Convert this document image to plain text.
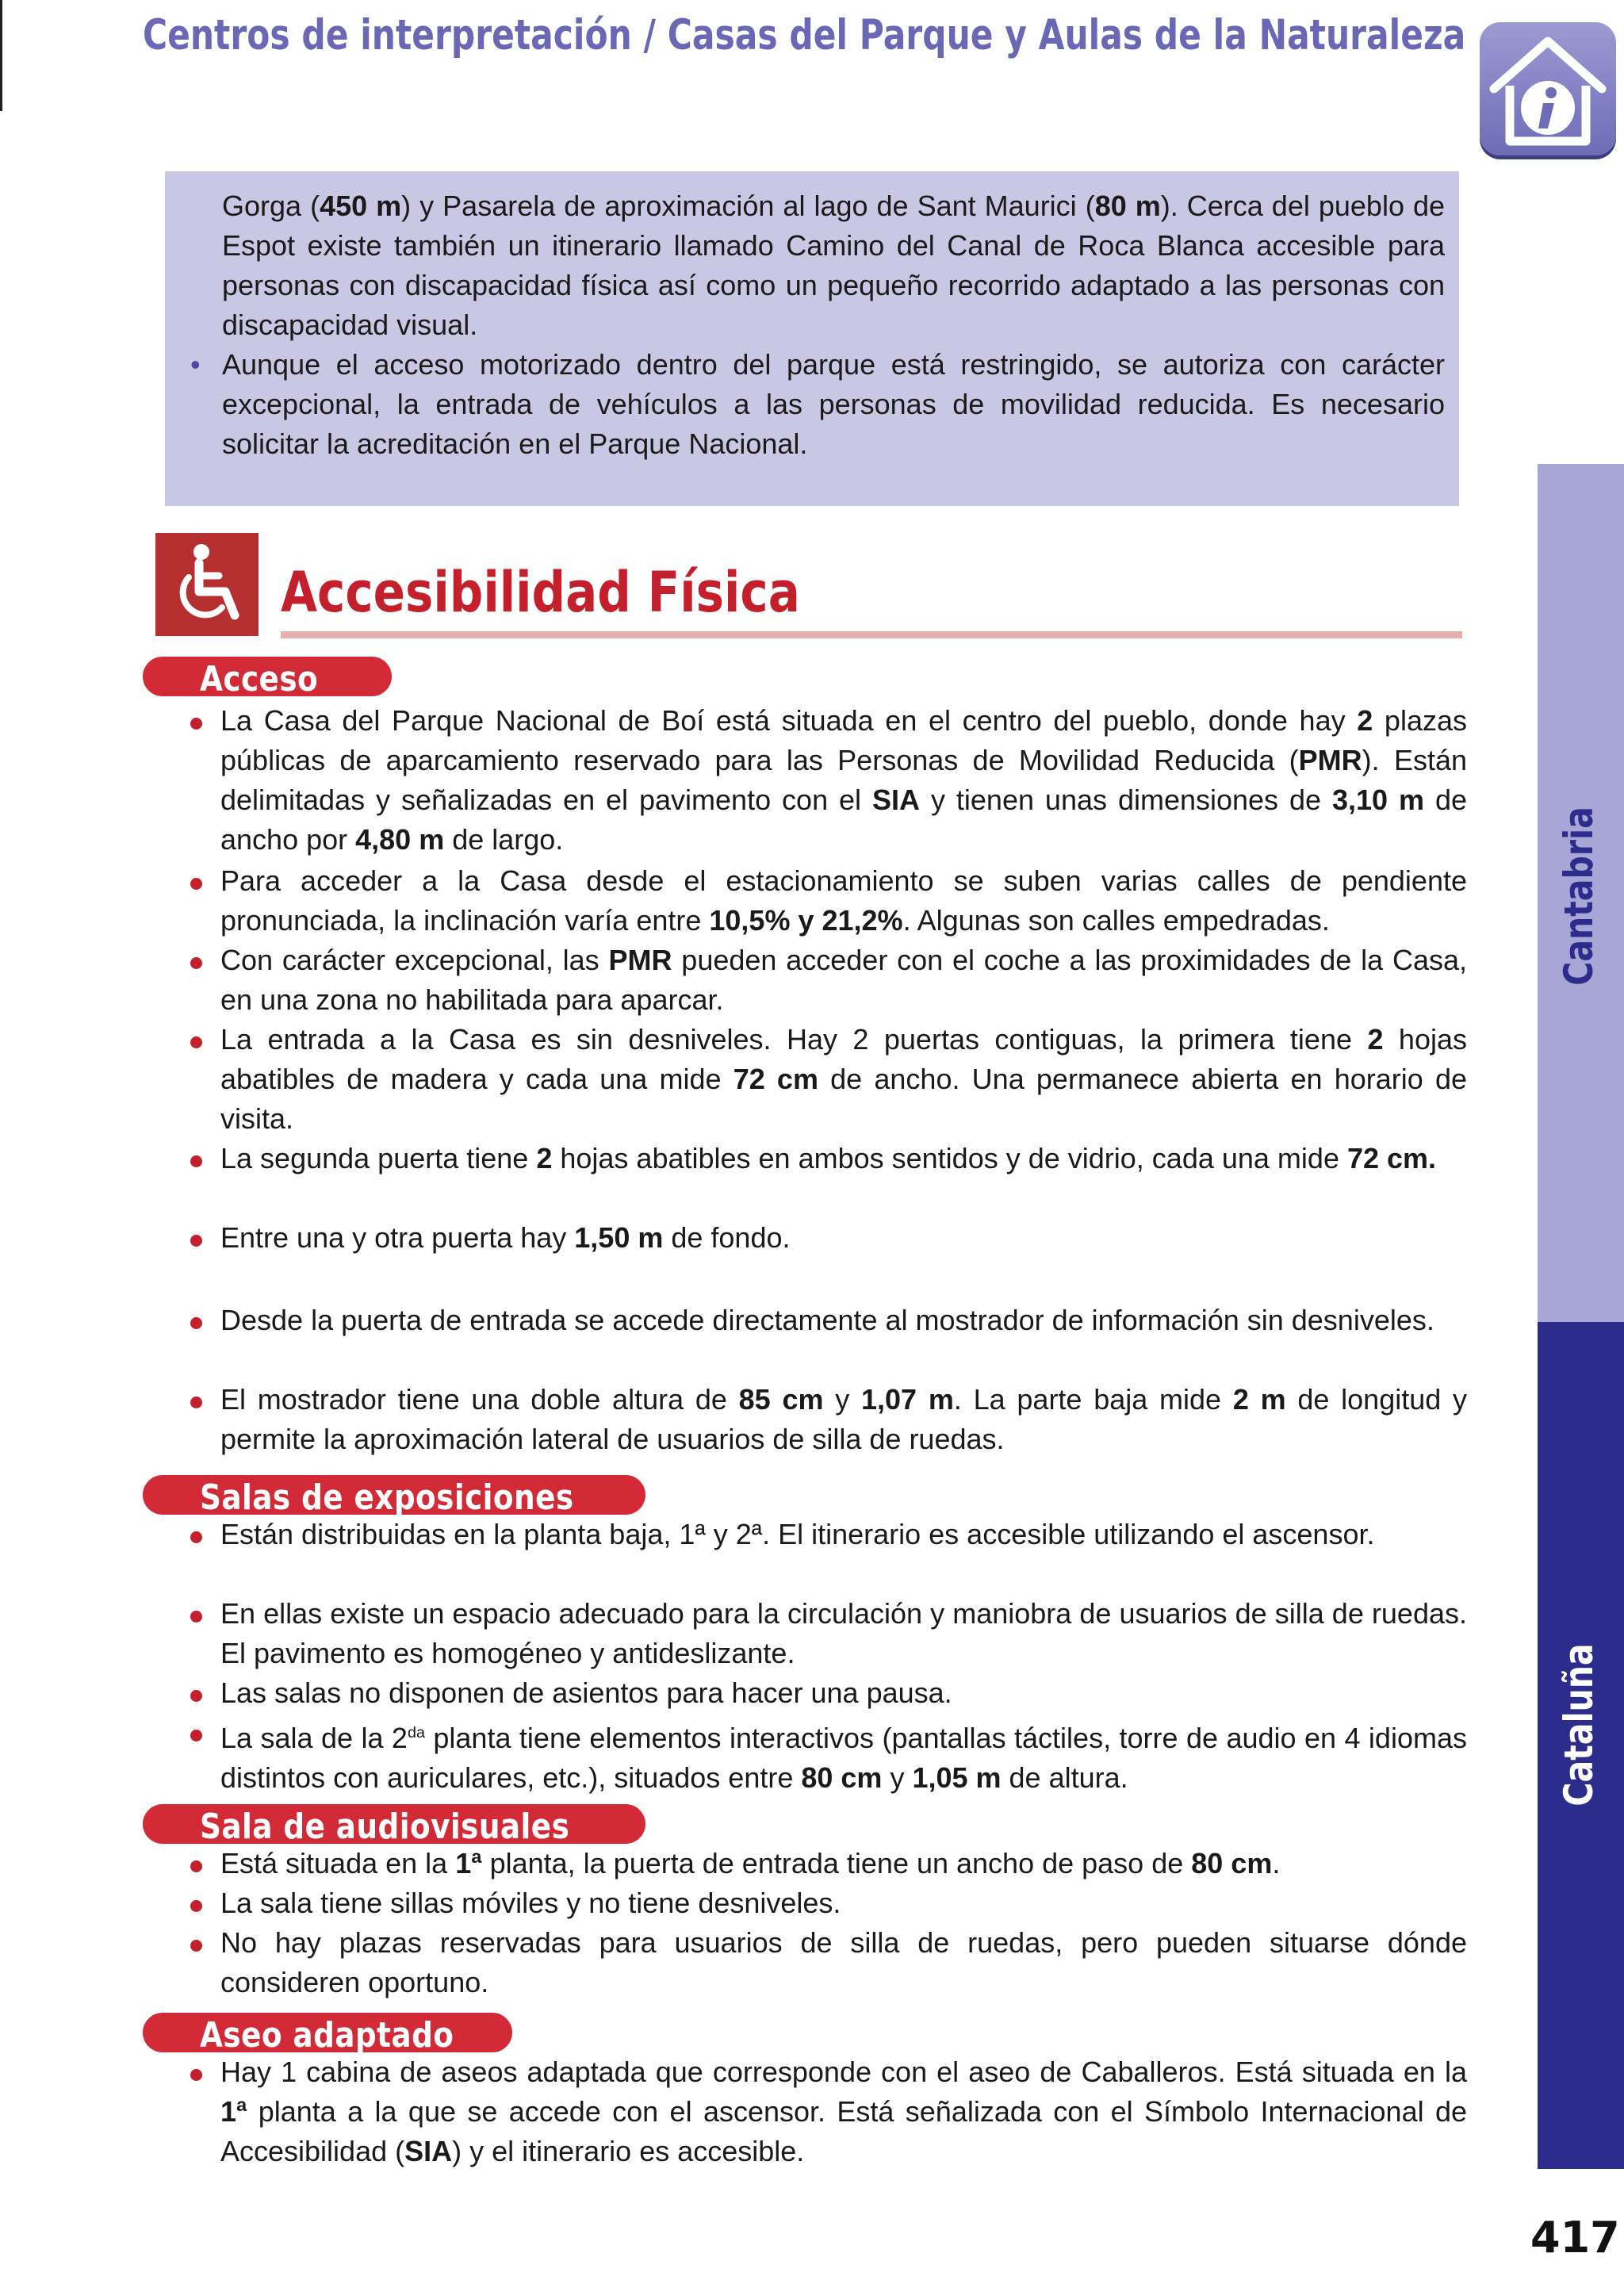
Centros de interpretación / Casas del Parque y Aulas de la Naturaleza

Gorga (450 m) y Pasarela de aproximación al lago de Sant Maurici (80 m). Cerca del pueblo de Espot existe también un itinerario llamado Camino del Canal de Roca Blanca accesible para personas con discapacidad física así como un pequeño recorrido adaptado a las personas con discapacidad visual.

• Aunque el acceso motorizado dentro del parque está restringido, se autoriza con carácter excepcional, la entrada de vehículos a las personas de movilidad reducida. Es necesario solicitar la acreditación en el Parque Nacional.

Cantabria
Cataluña
Accesibilidad Física
Acceso
Salas de exposiciones
Sala de audiovisuales
Aseo adaptado

La Casa del Parque Nacional de Boí está situada en el centro del pueblo, donde hay 2 plazas públicas de aparcamiento reservado para las Personas de Movilidad Reducida (PMR). Están delimitadas y señalizadas en el pavimento con el SIA y tienen unas dimensiones de 3,10 m de ancho por 4,80 m de largo.

Para acceder a la Casa desde el estacionamiento se suben varias calles de pendiente pronunciada, la inclinación varía entre 10,5% y 21,2%. Algunas son calles empedradas.

Con carácter excepcional, las PMR pueden acceder con el coche a las proximidades de la Casa, en una zona no habilitada para aparcar.

La entrada a la Casa es sin desniveles. Hay 2 puertas contiguas, la primera tiene 2 hojas abatibles de madera y cada una mide 72 cm de ancho. Una permanece abierta en horario de visita.

La segunda puerta tiene 2 hojas abatibles en ambos sentidos y de vidrio, cada una mide 72 cm.

Entre una y otra puerta hay 1,50 m de fondo.

Desde la puerta de entrada se accede directamente al mostrador de información sin desniveles.

El mostrador tiene una doble altura de 85 cm y 1,07 m. La parte baja mide 2 m de longitud y permite la aproximación lateral de usuarios de silla de ruedas.

Están distribuidas en la planta baja, 1ª y 2ª. El itinerario es accesible utilizando el ascensor.

En ellas existe un espacio adecuado para la circulación y maniobra de usuarios de silla de ruedas. El pavimento es homogéneo y antideslizante.

Las salas no disponen de asientos para hacer una pausa.

La sala de la $2^{da}$ planta tiene elementos interactivos (pantallas táctiles, torre de audio en 4 idiomas distintos con auriculares, etc.), situados entre 80 cm y 1,05 m de altura.

Está situada en la 1ª planta, la puerta de entrada tiene un ancho de paso de 80 cm.

La sala tiene sillas móviles y no tiene desniveles.

No hay plazas reservadas para usuarios de silla de ruedas, pero pueden situarse dónde consideren oportuno.

Hay 1 cabina de aseos adaptada que corresponde con el aseo de Caballeros. Está situada en la 1ª planta a la que se accede con el ascensor. Está señalizada con el Símbolo Internacional de Accesibilidad (SIA) y el itinerario es accesible.

417
